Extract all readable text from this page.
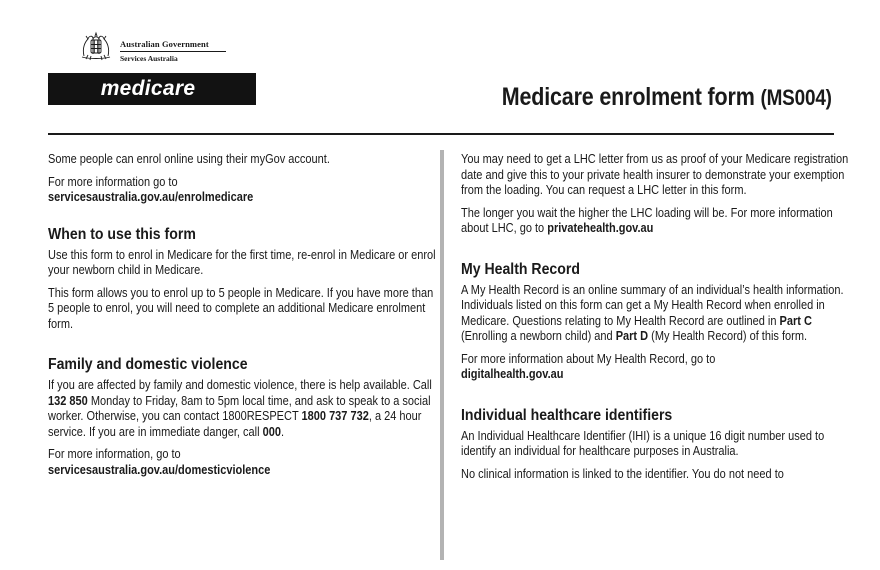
Australian Government
Services Australia
medicare	Medicare enrolment form (MS004)

Some people can enrol online using their myGov account.

For more information go to
servicesaustralia.gov.au/enrolmedicare

When to use this form

Use this form to enrol in Medicare for the first time, re-enrol in Medicare or enrol your newborn child in Medicare.

This form allows you to enrol up to 5 people in Medicare. If you have more than 5 people to enrol, you will need to complete an additional Medicare enrolment form.

Family and domestic violence

If you are affected by family and domestic violence, there is help available. Call 132 850 Monday to Friday, 8am to 5pm local time, and ask to speak to a social worker. Otherwise, you can contact 1800RESPECT 1800 737 732, a 24 hour service. If you are in immediate danger, call 000.

For more information, go to
servicesaustralia.gov.au/domesticviolence

You may need to get a LHC letter from us as proof of your Medicare registration date and give this to your private health insurer to demonstrate your exemption from the loading. You can request a LHC letter in this form.

The longer you wait the higher the LHC loading will be. For more information about LHC, go to privatehealth.gov.au

My Health Record

A My Health Record is an online summary of an individual’s health information. Individuals listed on this form can get a My Health Record when enrolled in Medicare. Questions relating to My Health Record are outlined in Part C (Enrolling a newborn child) and Part D (My Health Record) of this form.

For more information about My Health Record, go to
digitalhealth.gov.au

Individual healthcare identifiers

An Individual Healthcare Identifier (IHI) is a unique 16 digit number used to identify an individual for healthcare purposes in Australia.

No clinical information is linked to the identifier. You do not need to
